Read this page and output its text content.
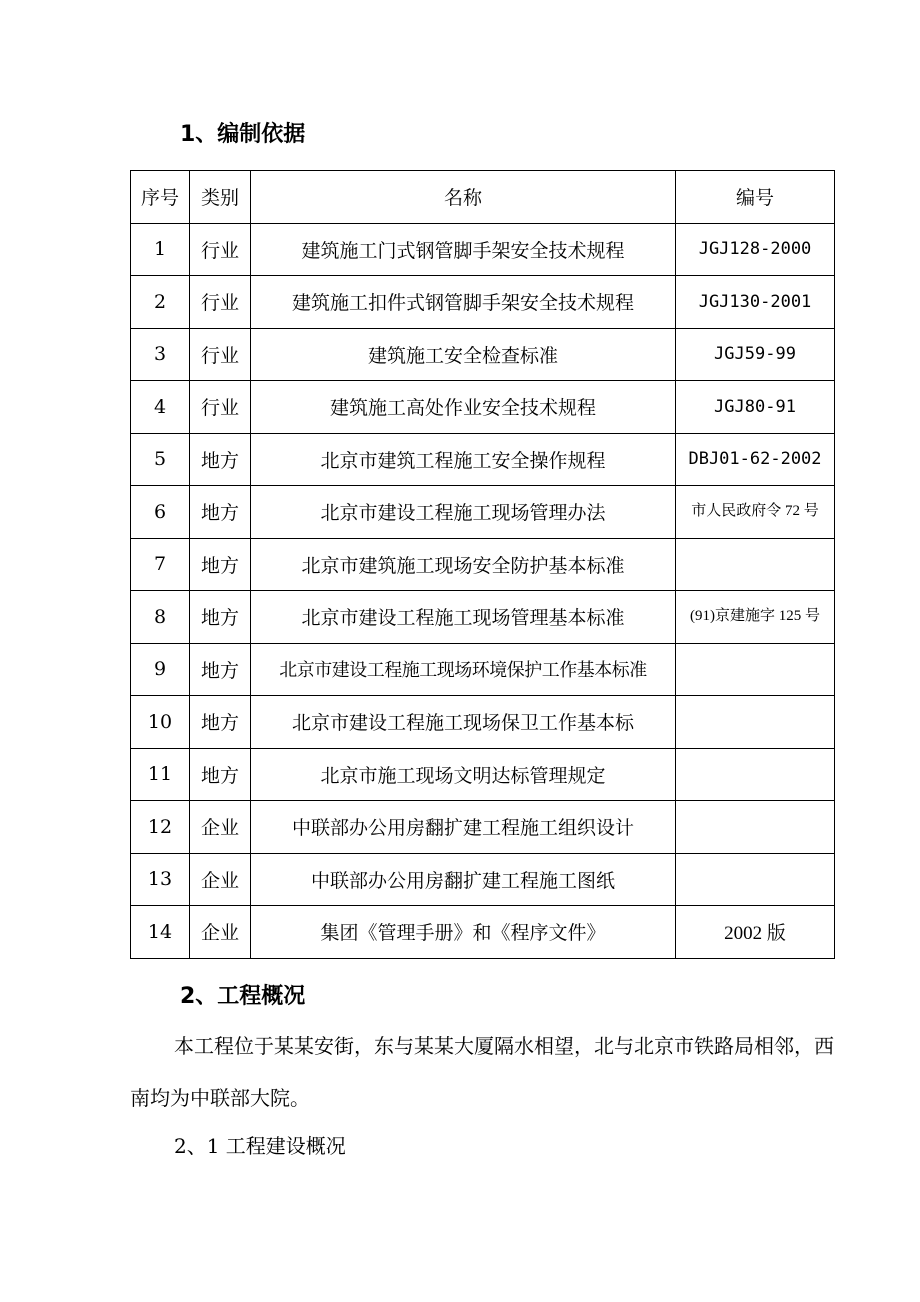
1、编制依据
序号	类别	名称	编号
1	行业	建筑施工门式钢管脚手架安全技术规程	JGJ128-2000
2	行业	建筑施工扣件式钢管脚手架安全技术规程	JGJ130-2001
3	行业	建筑施工安全检查标准	JGJ59-99
4	行业	建筑施工高处作业安全技术规程	JGJ80-91
5	地方	北京市建筑工程施工安全操作规程	DBJ01-62-2002
6	地方	北京市建设工程施工现场管理办法	市人民政府令 72 号
7	地方	北京市建筑施工现场安全防护基本标准	
8	地方	北京市建设工程施工现场管理基本标准	(91)京建施字 125 号
9	地方	北京市建设工程施工现场环境保护工作基本标准	
10	地方	北京市建设工程施工现场保卫工作基本标	
11	地方	北京市施工现场文明达标管理规定	
12	企业	中联部办公用房翻扩建工程施工组织设计	
13	企业	中联部办公用房翻扩建工程施工图纸	
14	企业	集团《管理手册》和《程序文件》	2002 版
2、工程概况
本工程位于某某安街，东与某某大厦隔水相望，北与北京市铁路局相邻，西南均为中联部大院。
2、1 工程建设概况
